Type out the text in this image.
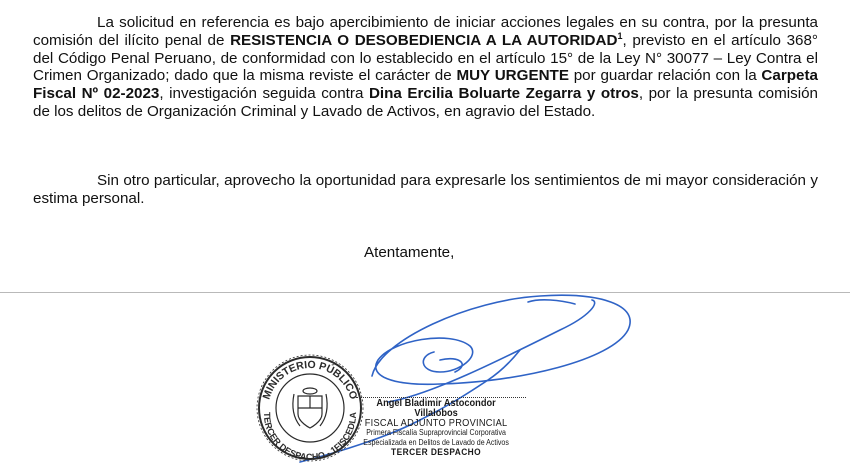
La solicitud en referencia es bajo apercibimiento de iniciar acciones legales en su contra, por la presunta comisión del ilícito penal de RESISTENCIA O DESOBEDIENCIA A LA AUTORIDAD$^1$, previsto en el artículo 368° del Código Penal Peruano, de conformidad con lo establecido en el artículo 15° de la Ley N° 30077 – Ley Contra el Crimen Organizado; dado que la misma reviste el carácter de MUY URGENTE por guardar relación con la Carpeta Fiscal Nº 02-2023, investigación seguida contra Dina Ercilia Boluarte Zegarra y otros, por la presunta comisión de los delitos de Organización Criminal y Lavado de Activos, en agravio del Estado.

Sin otro particular, aprovecho la oportunidad para expresarle los sentimientos de mi mayor consideración y estima personal.

Atentamente,

MINISTERIO PÚBLICO
TERCER DESPACHO - 1FISCEDLA
Angel Bladimir Astocondor Villalobos
FISCAL ADJUNTO PROVINCIAL
Primera Fiscalía Supraprovincial Corporativa
Especializada en Delitos de Lavado de Activos
TERCER DESPACHO
